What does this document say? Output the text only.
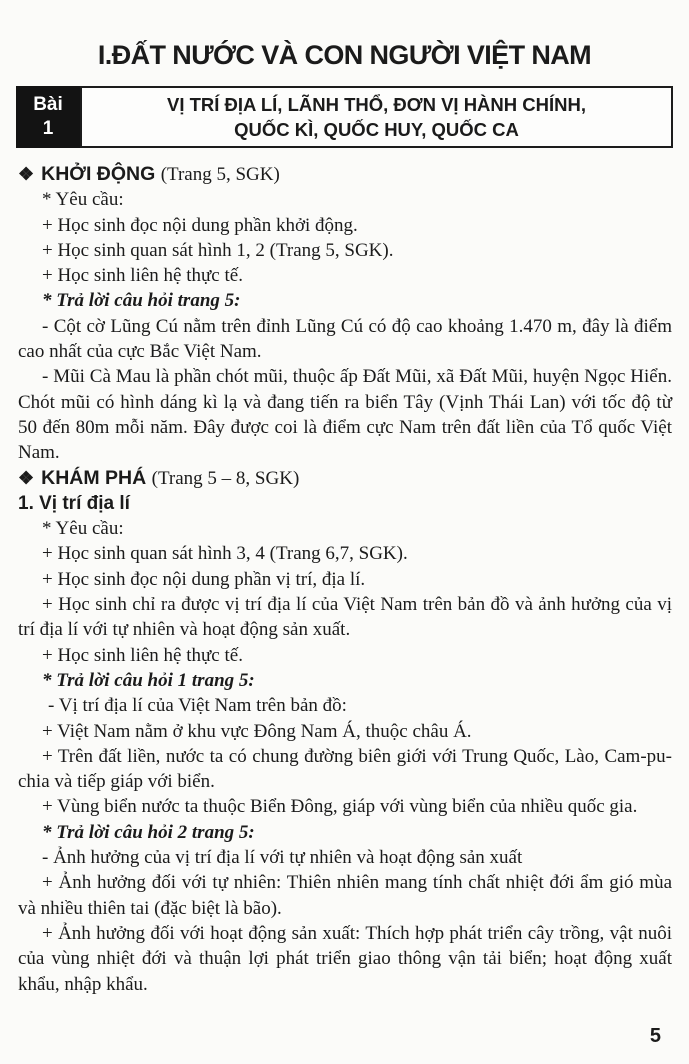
I.ĐẤT NƯỚC VÀ CON NGƯỜI VIỆT NAM
Bài
1
VỊ TRÍ ĐỊA LÍ, LÃNH THỔ, ĐƠN VỊ HÀNH CHÍNH,
QUỐC KÌ, QUỐC HUY, QUỐC CA

❖ KHỞI ĐỘNG (Trang 5, SGK)

* Yêu cầu:

+ Học sinh đọc nội dung phần khởi động.

+ Học sinh quan sát hình 1, 2 (Trang 5, SGK).

+ Học sinh liên hệ thực tế.

* Trả lời câu hỏi trang 5:

- Cột cờ Lũng Cú nằm trên đỉnh Lũng Cú có độ cao khoảng 1.470 m, đây là điểm cao nhất của cực Bắc Việt Nam.

- Mũi Cà Mau là phần chót mũi, thuộc ấp Đất Mũi, xã Đất Mũi, huyện Ngọc Hiển. Chót mũi có hình dáng kì lạ và đang tiến ra biển Tây (Vịnh Thái Lan) với tốc độ từ 50 đến 80m mỗi năm. Đây được coi là điểm cực Nam trên đất liền của Tổ quốc Việt Nam.

❖ KHÁM PHÁ (Trang 5 – 8, SGK)

1. Vị trí địa lí

* Yêu cầu:

+ Học sinh quan sát hình 3, 4 (Trang 6,7, SGK).

+ Học sinh đọc nội dung phần vị trí, địa lí.

+ Học sinh chỉ ra được vị trí địa lí của Việt Nam trên bản đồ và ảnh hưởng của vị trí địa lí với tự nhiên và hoạt động sản xuất.

+ Học sinh liên hệ thực tế.

* Trả lời câu hỏi 1 trang 5:

- Vị trí địa lí của Việt Nam trên bản đồ:

+ Việt Nam nằm ở khu vực Đông Nam Á, thuộc châu Á.

+ Trên đất liền, nước ta có chung đường biên giới với Trung Quốc, Lào, Cam-pu-chia và tiếp giáp với biển.

+ Vùng biển nước ta thuộc Biển Đông, giáp với vùng biển của nhiều quốc gia.

* Trả lời câu hỏi 2 trang 5:

- Ảnh hưởng của vị trí địa lí với tự nhiên và hoạt động sản xuất

+ Ảnh hưởng đối với tự nhiên: Thiên nhiên mang tính chất nhiệt đới ẩm gió mùa và nhiều thiên tai (đặc biệt là bão).

+ Ảnh hưởng đối với hoạt động sản xuất: Thích hợp phát triển cây trồng, vật nuôi của vùng nhiệt đới và thuận lợi phát triển giao thông vận tải biển; hoạt động xuất khẩu, nhập khẩu.

5
